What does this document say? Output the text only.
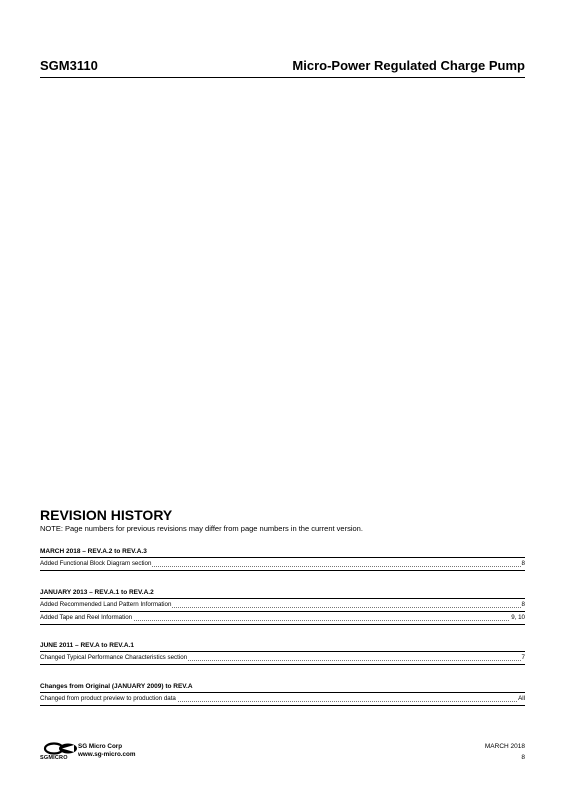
SGM3110	Micro-Power Regulated Charge Pump
REVISION HISTORY
NOTE: Page numbers for previous revisions may differ from page numbers in the current version.
MARCH 2018 – REV.A.2 to REV.A.3
Added Functional Block Diagram section	8
JANUARY 2013 – REV.A.1 to REV.A.2
Added Recommended Land Pattern Information	8
Added Tape and Reel Information	9, 10
JUNE 2011 – REV.A to REV.A.1
Changed Typical Performance Characteristics section	7
Changes from Original (JANUARY 2009) to REV.A
Changed from product preview to production data	All
SGMICRO
SG Micro Corp
www.sg-micro.com
MARCH 2018
8
